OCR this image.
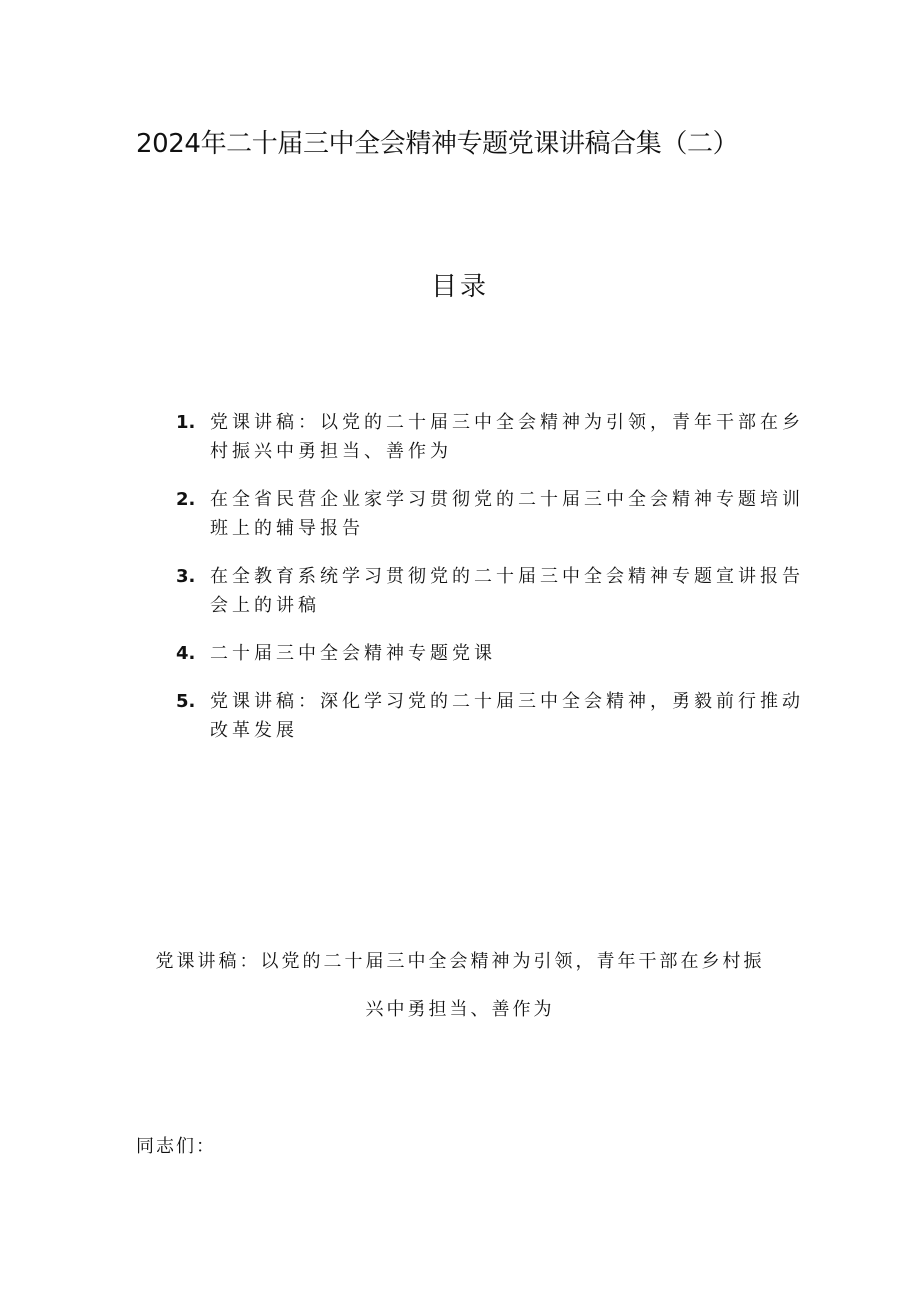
2024年二十届三中全会精神专题党课讲稿合集（二）
目录
1. 党课讲稿：以党的二十届三中全会精神为引领，青年干部在乡村振兴中勇担当、善作为
2. 在全省民营企业家学习贯彻党的二十届三中全会精神专题培训班上的辅导报告
3. 在全教育系统学习贯彻党的二十届三中全会精神专题宣讲报告会上的讲稿
4. 二十届三中全会精神专题党课
5. 党课讲稿：深化学习党的二十届三中全会精神，勇毅前行推动改革发展
党课讲稿：以党的二十届三中全会精神为引领，青年干部在乡村振兴中勇担当、善作为
同志们：
